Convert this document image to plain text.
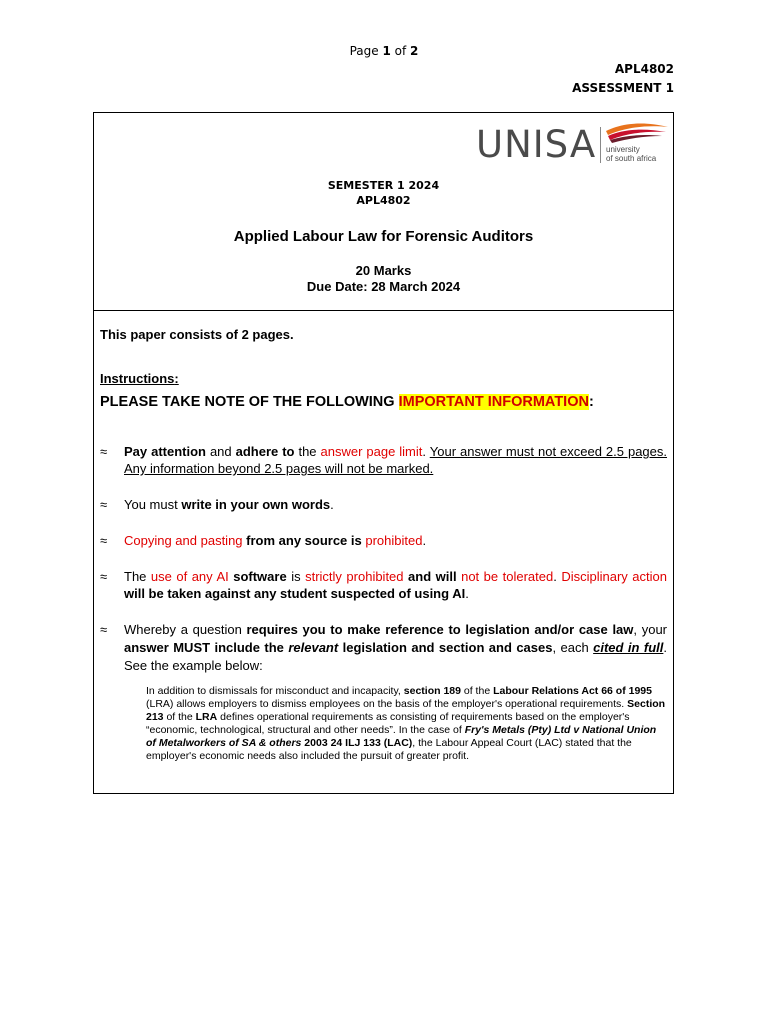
Page 1 of 2
APL4802
ASSESSMENT 1
UNISA university
of south africa
SEMESTER 1 2024
APL4802
Applied Labour Law for Forensic Auditors
20 Marks
Due Date: 28 March 2024

This paper consists of 2 pages.

Instructions:
PLEASE TAKE NOTE OF THE FOLLOWING IMPORTANT INFORMATION:
≈ Pay attention and adhere to the answer page limit. Your answer must not exceed 2.5 pages. Any information beyond 2.5 pages will not be marked.
≈ You must write in your own words.
≈ Copying and pasting from any source is prohibited.
≈ The use of any AI software is strictly prohibited and will not be tolerated. Disciplinary action will be taken against any student suspected of using AI.
≈ Whereby a question requires you to make reference to legislation and/or case law, your answer MUST include the relevant legislation and section and cases, each cited in full. See the example below:
In addition to dismissals for misconduct and incapacity, section 189 of the Labour Relations Act 66 of 1995 (LRA) allows employers to dismiss employees on the basis of the employer's operational requirements. Section 213 of the LRA defines operational requirements as consisting of requirements based on the employer's “economic, technological, structural and other needs”. In the case of Fry's Metals (Pty) Ltd v National Union of Metalworkers of SA & others 2003 24 ILJ 133 (LAC), the Labour Appeal Court (LAC) stated that the employer's economic needs also included the pursuit of greater profit.
